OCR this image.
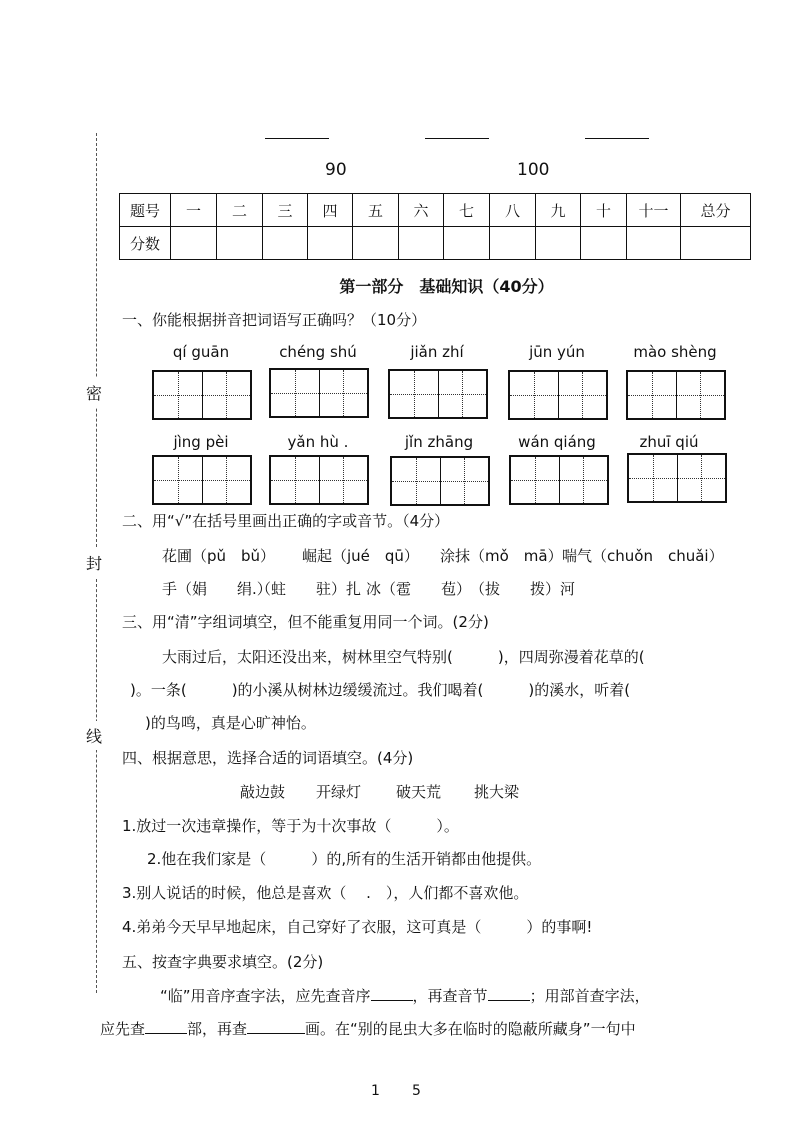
密
封
线
90	100
题号	一	二	三	四	五	六	七	八	九	十	十一	总分
分数												
第一部分　基础知识（40分）
一、你能根据拼音把词语写正确吗？（10分）
qí guān	chéng shú	jiǎn zhí	jūn yún	mào shèng
jìng pèi	yǎn hù .	jǐn zhāng	wán qiáng	zhuī qiú
二、用“√”在括号里画出正确的字或音节。（4分）
花圃（pǔ　bǔ） 崛起（jué　qū） 涂抹（mǒ　mā） 喘气（chuǒn　chuǎi）
手（娟　　绢.）
（蛀　　驻）扎 冰（雹　　苞）
（拔　　拨）河
三、用“清”字组词填空，但不能重复用同一个词。(2分)
大雨过后，太阳还没出来，树林里空气特别(　　　)，四周弥漫着花草的(
)。一条(　　　)的小溪从树林边缓缓流过。我们喝着(　　　)的溪水，听着(
)的鸟鸣，真是心旷神怡。
四、根据意思，选择合适的词语填空。(4分)
敲边鼓 开绿灯 破天荒 挑大梁
1.放过一次违章操作，等于为十次事故（　　　）。
2.他在我们家是（　　　）的,所有的生活开销都由他提供。
3.别人说话的时候，他总是喜欢（　 .　），人们都不喜欢他。
4.弟弟今天早早地起床，自己穿好了衣服，这可真是（　　　）的事啊!
五、按查字典要求填空。(2分)
“临”用音序查字法，应先查音序	，再查音节	；用部首查字法，
应先查	部，再查	画。在“别的昆虫大多在临时的隐蔽所藏身”一句中
1 5
